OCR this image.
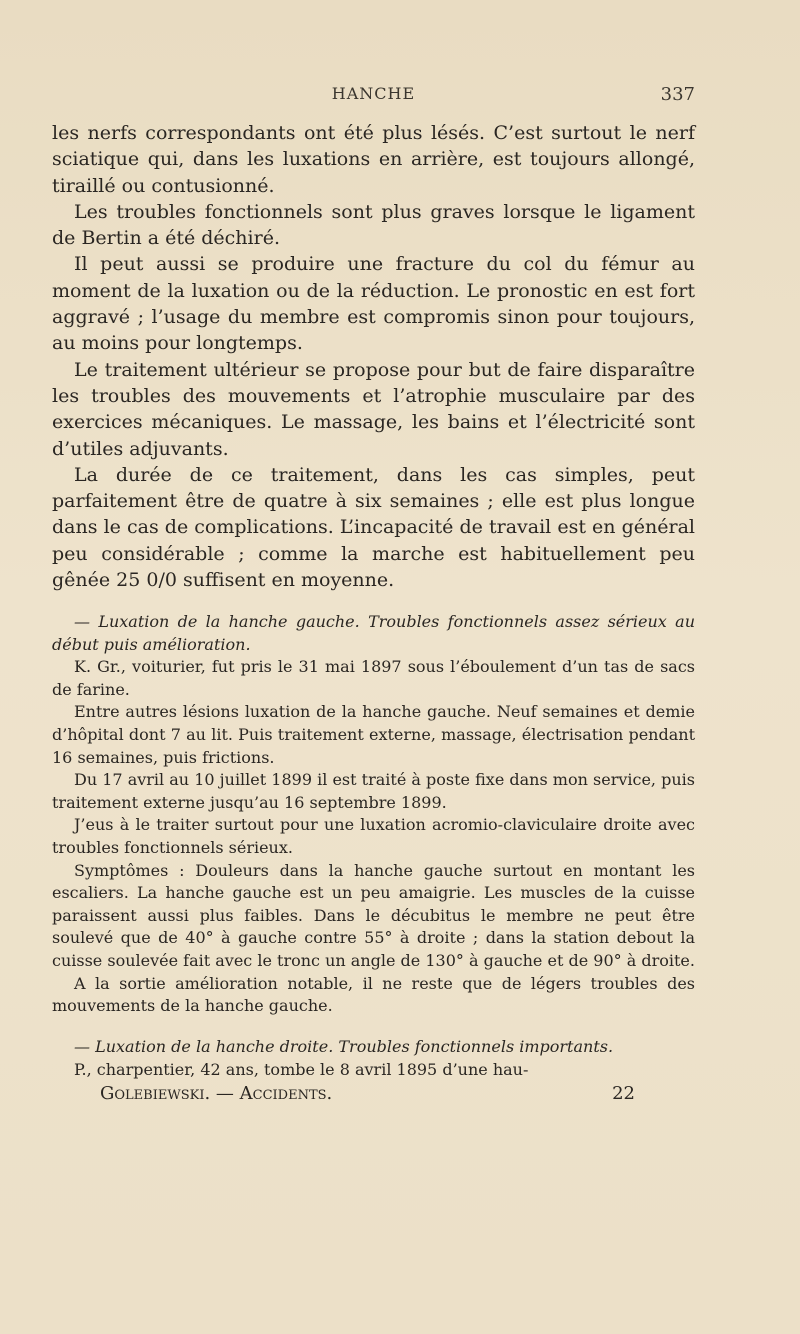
HANCHE	337

les nerfs correspondants ont été plus lésés. C’est surtout le nerf sciatique qui, dans les luxations en arrière, est toujours allongé, tiraillé ou contusionné.

Les troubles fonctionnels sont plus graves lorsque le ligament de Bertin a été déchiré.

Il peut aussi se produire une fracture du col du fémur au moment de la luxation ou de la réduction. Le pronostic en est fort aggravé ; l’usage du membre est compromis sinon pour toujours, au moins pour longtemps.

Le traitement ultérieur se propose pour but de faire disparaître les troubles des mouvements et l’atrophie musculaire par des exercices mécaniques. Le massage, les bains et l’électricité sont d’utiles adjuvants.

La durée de ce traitement, dans les cas simples, peut parfaitement être de quatre à six semaines ; elle est plus longue dans le cas de complications. L’incapacité de travail est en général peu considérable ; comme la marche est habituellement peu gênée 25 0/0 suffisent en moyenne.

— Luxation de la hanche gauche. Troubles fonctionnels assez sérieux au début puis amélioration.

K. Gr., voiturier, fut pris le 31 mai 1897 sous l’éboulement d’un tas de sacs de farine.

Entre autres lésions luxation de la hanche gauche. Neuf semaines et demie d’hôpital dont 7 au lit. Puis traitement externe, massage, électrisation pendant 16 semaines, puis frictions.

Du 17 avril au 10 juillet 1899 il est traité à poste fixe dans mon service, puis traitement externe jusqu’au 16 septembre 1899.

J’eus à le traiter surtout pour une luxation acromio-claviculaire droite avec troubles fonctionnels sérieux.

Symptômes : Douleurs dans la hanche gauche surtout en montant les escaliers. La hanche gauche est un peu amaigrie. Les muscles de la cuisse paraissent aussi plus faibles. Dans le décubitus le membre ne peut être soulevé que de 40° à gauche contre 55° à droite ; dans la station debout la cuisse soulevée fait avec le tronc un angle de 130° à gauche et de 90° à droite.

A la sortie amélioration notable, il ne reste que de légers troubles des mouvements de la hanche gauche.

— Luxation de la hanche droite. Troubles fonctionnels importants.

P., charpentier, 42 ans, tombe le 8 avril 1895 d’une hau-

Golebiewski. — Accidents.	22
